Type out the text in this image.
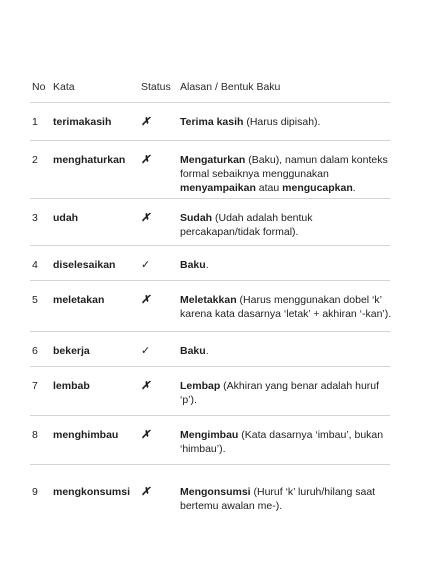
No Kata	Status Alasan / Bentuk Baku
1 terimakasih	✗	Terima kasih (Harus dipisah).
2 menghaturkan ✗	Mengaturkan (Baku), namun dalam konteks formal sebaiknya menggunakan menyampaikan atau mengucapkan.
3 udah	✗	Sudah (Udah adalah bentuk percakapan/tidak formal).
4 diselesaikan ✓	Baku.
5 meletakan	✗	Meletakkan (Harus menggunakan dobel ‘k’ karena kata dasarnya ‘letak’ + akhiran ‘-kan’).
6 bekerja	✓	Baku.
7 lembab	✗	Lembap (Akhiran yang benar adalah huruf ‘p’).
8 menghimbau ✗	Mengimbau (Kata dasarnya ‘imbau’, bukan ‘himbau’).
9 mengkonsumsi ✗	Mengonsumsi (Huruf ‘k’ luruh/hilang saat bertemu awalan me-).
